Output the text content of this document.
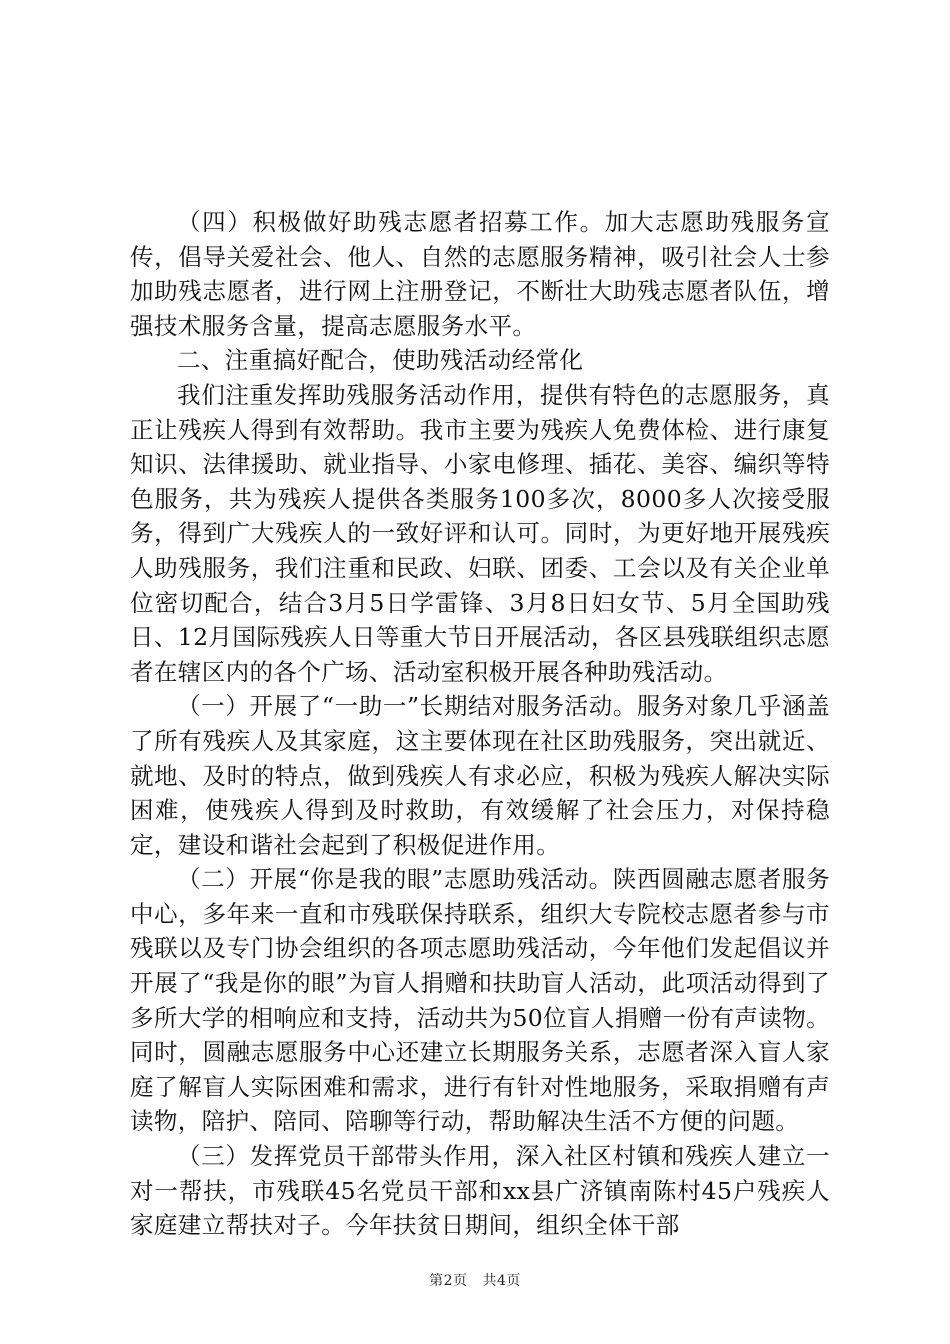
（四）积极做好助残志愿者招募工作。加大志愿助残服务宣传，倡导关爱社会、他人、自然的志愿服务精神，吸引社会人士参加助残志愿者，进行网上注册登记，不断壮大助残志愿者队伍，增强技术服务含量，提高志愿服务水平。

二、注重搞好配合，使助残活动经常化

我们注重发挥助残服务活动作用，提供有特色的志愿服务，真正让残疾人得到有效帮助。我市主要为残疾人免费体检、进行康复知识、法律援助、就业指导、小家电修理、插花、美容、编织等特色服务，共为残疾人提供各类服务100多次，8000多人次接受服务，得到广大残疾人的一致好评和认可。同时，为更好地开展残疾人助残服务，我们注重和民政、妇联、团委、工会以及有关企业单位密切配合，结合3月5日学雷锋、3月8日妇女节、5月全国助残日、12月国际残疾人日等重大节日开展活动，各区县残联组织志愿者在辖区内的各个广场、活动室积极开展各种助残活动。

（一）开展了“一助一”长期结对服务活动。服务对象几乎涵盖了所有残疾人及其家庭，这主要体现在社区助残服务，突出就近、就地、及时的特点，做到残疾人有求必应，积极为残疾人解决实际困难，使残疾人得到及时救助，有效缓解了社会压力，对保持稳定，建设和谐社会起到了积极促进作用。

（二）开展“你是我的眼”志愿助残活动。陕西圆融志愿者服务中心，多年来一直和市残联保持联系，组织大专院校志愿者参与市残联以及专门协会组织的各项志愿助残活动，今年他们发起倡议并开展了“我是你的眼”为盲人捐赠和扶助盲人活动，此项活动得到了多所大学的相响应和支持，活动共为50位盲人捐赠一份有声读物。同时，圆融志愿服务中心还建立长期服务关系，志愿者深入盲人家庭了解盲人实际困难和需求，进行有针对性地服务，采取捐赠有声读物，陪护、陪同、陪聊等行动，帮助解决生活不方便的问题。

（三）发挥党员干部带头作用，深入社区村镇和残疾人建立一对一帮扶，市残联45名党员干部和xx县广济镇南陈村45户残疾人家庭建立帮扶对子。今年扶贫日期间，组织全体干部

第2页 共4页
